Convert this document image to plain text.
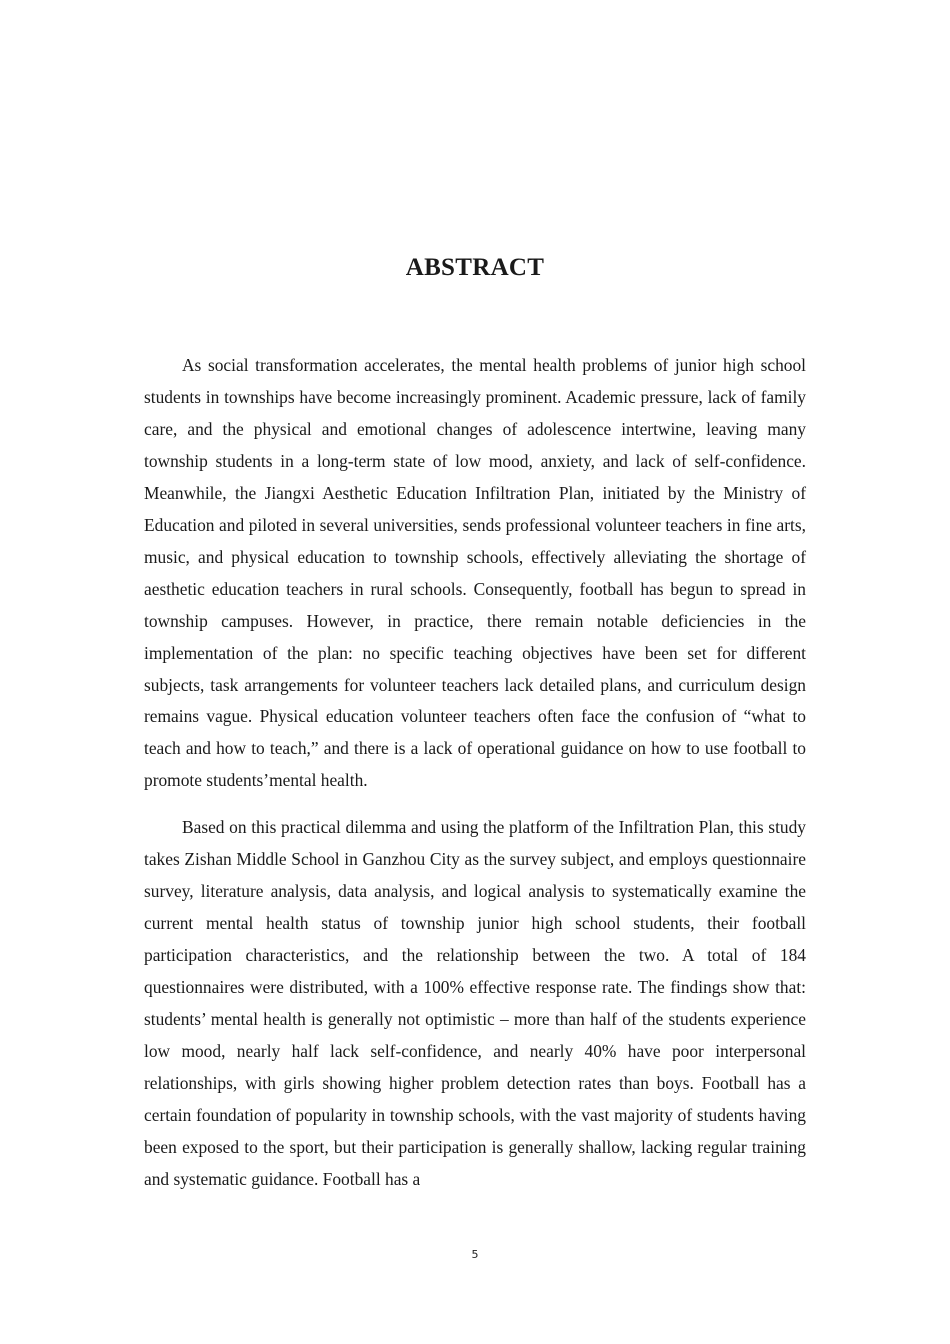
ABSTRACT

As social transformation accelerates, the mental health problems of junior high school students in townships have become increasingly prominent. Academic pressure, lack of family care, and the physical and emotional changes of adolescence intertwine, leaving many township students in a long-term state of low mood, anxiety, and lack of self-confidence. Meanwhile, the Jiangxi Aesthetic Education Infiltration Plan, initiated by the Ministry of Education and piloted in several universities, sends professional volunteer teachers in fine arts, music, and physical education to township schools, effectively alleviating the shortage of aesthetic education teachers in rural schools. Consequently, football has begun to spread in township campuses. However, in practice, there remain notable deficiencies in the implementation of the plan: no specific teaching objectives have been set for different subjects, task arrangements for volunteer teachers lack detailed plans, and curriculum design remains vague. Physical education volunteer teachers often face the confusion of “what to teach and how to teach,” and there is a lack of operational guidance on how to use football to promote students’mental health.

Based on this practical dilemma and using the platform of the Infiltration Plan, this study takes Zishan Middle School in Ganzhou City as the survey subject, and employs questionnaire survey, literature analysis, data analysis, and logical analysis to systematically examine the current mental health status of township junior high school students, their football participation characteristics, and the relationship between the two. A total of 184 questionnaires were distributed, with a 100% effective response rate. The findings show that: students’ mental health is generally not optimistic – more than half of the students experience low mood, nearly half lack self-confidence, and nearly 40% have poor interpersonal relationships, with girls showing higher problem detection rates than boys. Football has a certain foundation of popularity in township schools, with the vast majority of students having been exposed to the sport, but their participation is generally shallow, lacking regular training and systematic guidance. Football has a

5
